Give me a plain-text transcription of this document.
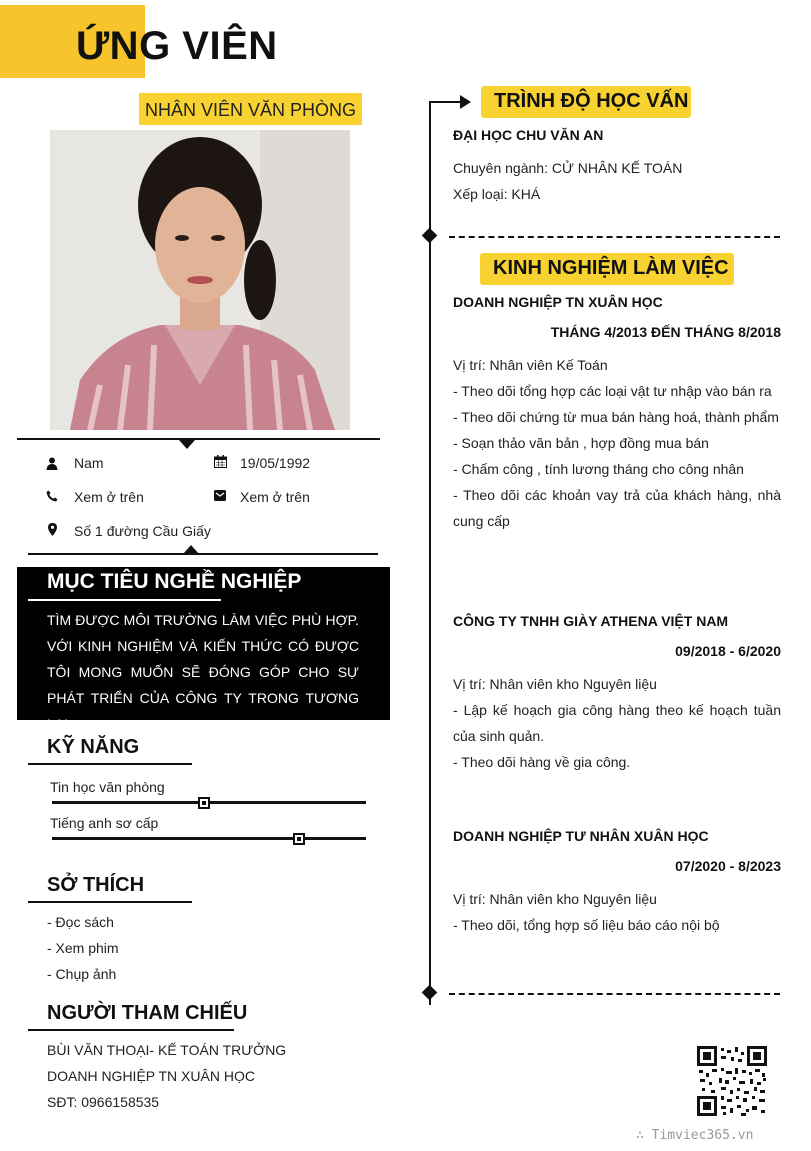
ỨNG VIÊN
NHÂN VIÊN VĂN PHÒNG
Nam	19/05/1992
Xem ở trên	Xem ở trên
Số 1 đường Cầu Giấy
MỤC TIÊU NGHỀ NGHIỆP
TÌM ĐƯỢC MÔI TRƯỜNG LÀM VIỆC PHÙ HỢP. VỚI KINH NGHIỆM VÀ KIẾN THỨC CÓ ĐƯỢC TÔI MONG MUỐN SẼ ĐÓNG GÓP CHO SỰ PHÁT TRIỂN CỦA CÔNG TY TRONG TƯƠNG LAI.
KỸ NĂNG
Tin học văn phòng
Tiếng anh sơ cấp
SỞ THÍCH
- Đọc sách
- Xem phim
- Chụp ảnh
NGƯỜI THAM CHIẾU
BÙI VĂN THOẠI- KẾ TOÁN TRƯỞNG
DOANH NGHIỆP TN XUÂN HỌC
SĐT: 0966158535
TRÌNH ĐỘ HỌC VẤN
ĐẠI HỌC CHU VĂN AN
Chuyên ngành: CỬ NHÂN KẾ TOÁN
Xếp loại: KHÁ
KINH NGHIỆM LÀM VIỆC
DOANH NGHIỆP TN XUÂN HỌC
THÁNG 4/2013 ĐẾN THÁNG 8/2018
Vị trí: Nhân viên Kế Toán
- Theo dõi tổng hợp các loại vật tư nhập vào bán ra
- Theo dõi chứng từ mua bán hàng hoá, thành phẩm
- Soạn thảo văn bản , hợp đồng mua bán
- Chấm công , tính lương tháng cho công nhân
- Theo dõi các khoản vay trả của khách hàng, nhà cung cấp
CÔNG TY TNHH GIÀY ATHENA VIỆT NAM
09/2018 - 6/2020
Vị trí: Nhân viên kho Nguyên liệu
- Lập kế hoạch gia công hàng theo kế hoạch tuần của sinh quản.
- Theo dõi hàng về gia công.
DOANH NGHIỆP TƯ NHÂN XUÂN HỌC
07/2020 - 8/2023
Vị trí: Nhân viên kho Nguyên liệu
- Theo dõi, tổng hợp số liệu báo cáo nội bộ
∴ Timviec365.vn
